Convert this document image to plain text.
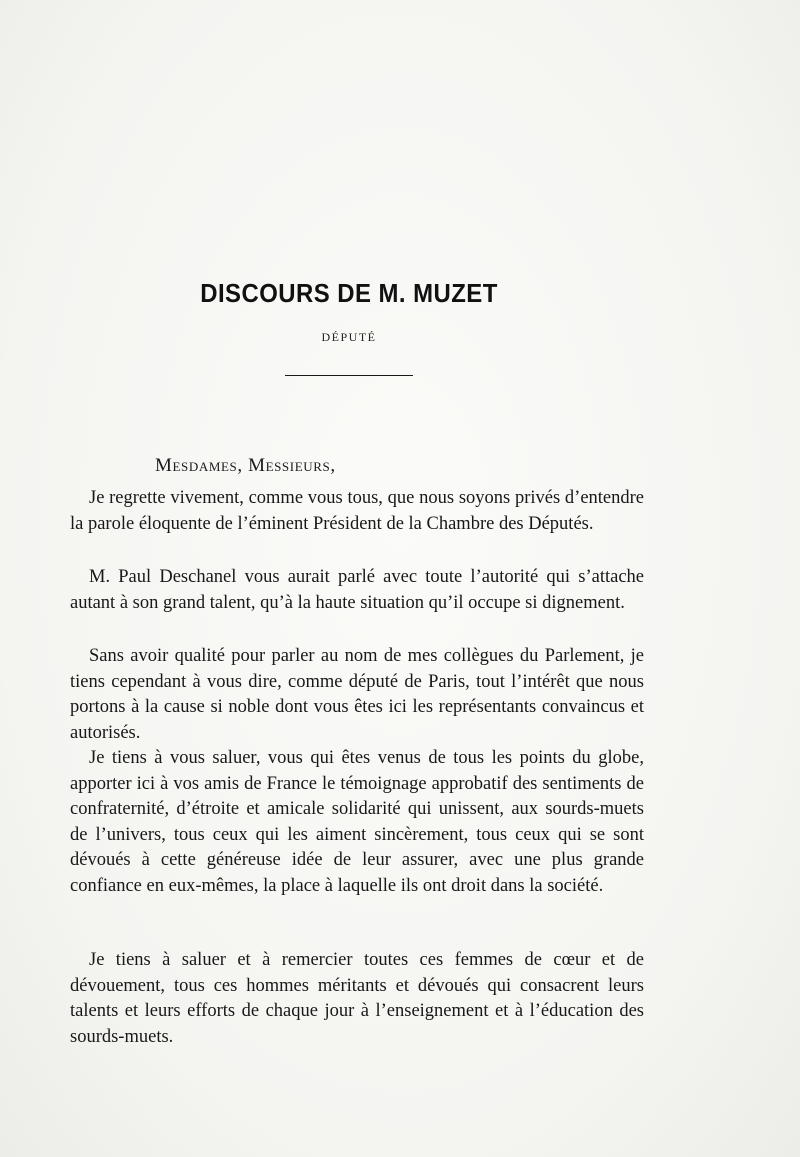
DISCOURS DE M. MUZET
DÉPUTÉ
Mesdames, Messieurs,

Je regrette vivement, comme vous tous, que nous soyons privés d’entendre la parole éloquente de l’éminent Président de la Chambre des Députés.

M. Paul Deschanel vous aurait parlé avec toute l’autorité qui s’attache autant à son grand talent, qu’à la haute situation qu’il occupe si dignement.

Sans avoir qualité pour parler au nom de mes collègues du Parlement, je tiens cependant à vous dire, comme député de Paris, tout l’intérêt que nous portons à la cause si noble dont vous êtes ici les représentants convaincus et autorisés.

Je tiens à vous saluer, vous qui êtes venus de tous les points du globe, apporter ici à vos amis de France le témoignage approbatif des sentiments de confraternité, d’étroite et amicale solidarité qui unissent, aux sourds-muets de l’univers, tous ceux qui les aiment sincèrement, tous ceux qui se sont dévoués à cette généreuse idée de leur assurer, avec une plus grande confiance en eux-mêmes, la place à laquelle ils ont droit dans la société.

Je tiens à saluer et à remercier toutes ces femmes de cœur et de dévouement, tous ces hommes méritants et dévoués qui consacrent leurs talents et leurs efforts de chaque jour à l’enseignement et à l’éducation des sourds-muets.
